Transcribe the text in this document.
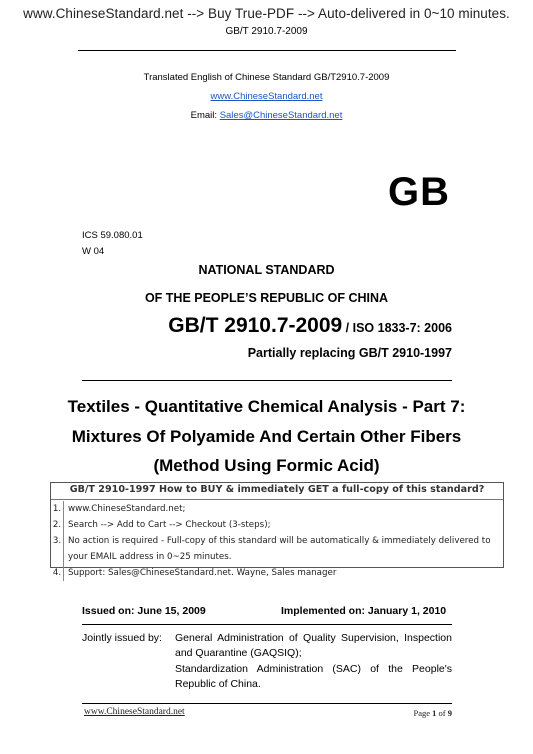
www.ChineseStandard.net --> Buy True-PDF --> Auto-delivered in 0~10 minutes.
GB/T 2910.7-2009
Translated English of Chinese Standard GB/T2910.7-2009
www.ChineseStandard.net
Email: Sales@ChineseStandard.net
GB
ICS 59.080.01
W 04
NATIONAL STANDARD
OF THE PEOPLE’S REPUBLIC OF CHINA
GB/T 2910.7-2009 / ISO 1833-7: 2006
Partially replacing GB/T 2910-1997
Textiles - Quantitative Chemical Analysis - Part 7:
Mixtures Of Polyamide And Certain Other Fibers
(Method Using Formic Acid)
GB/T 2910-1997 How to BUY & immediately GET a full-copy of this standard?
1. www.ChineseStandard.net;
2. Search --> Add to Cart --> Checkout (3-steps);
3. No action is required - Full-copy of this standard will be automatically & immediately delivered to
your EMAIL address in 0~25 minutes.
4. Support: Sales@ChineseStandard.net. Wayne, Sales manager
Issued on: June 15, 2009	Implemented on: January 1, 2010
Jointly issued by: General Administration of Quality Supervision, Inspection
and Quarantine (GAQSIQ);
Standardization Administration (SAC) of the People's
Republic of China.
www.ChineseStandard.net	Page 1 of 9
